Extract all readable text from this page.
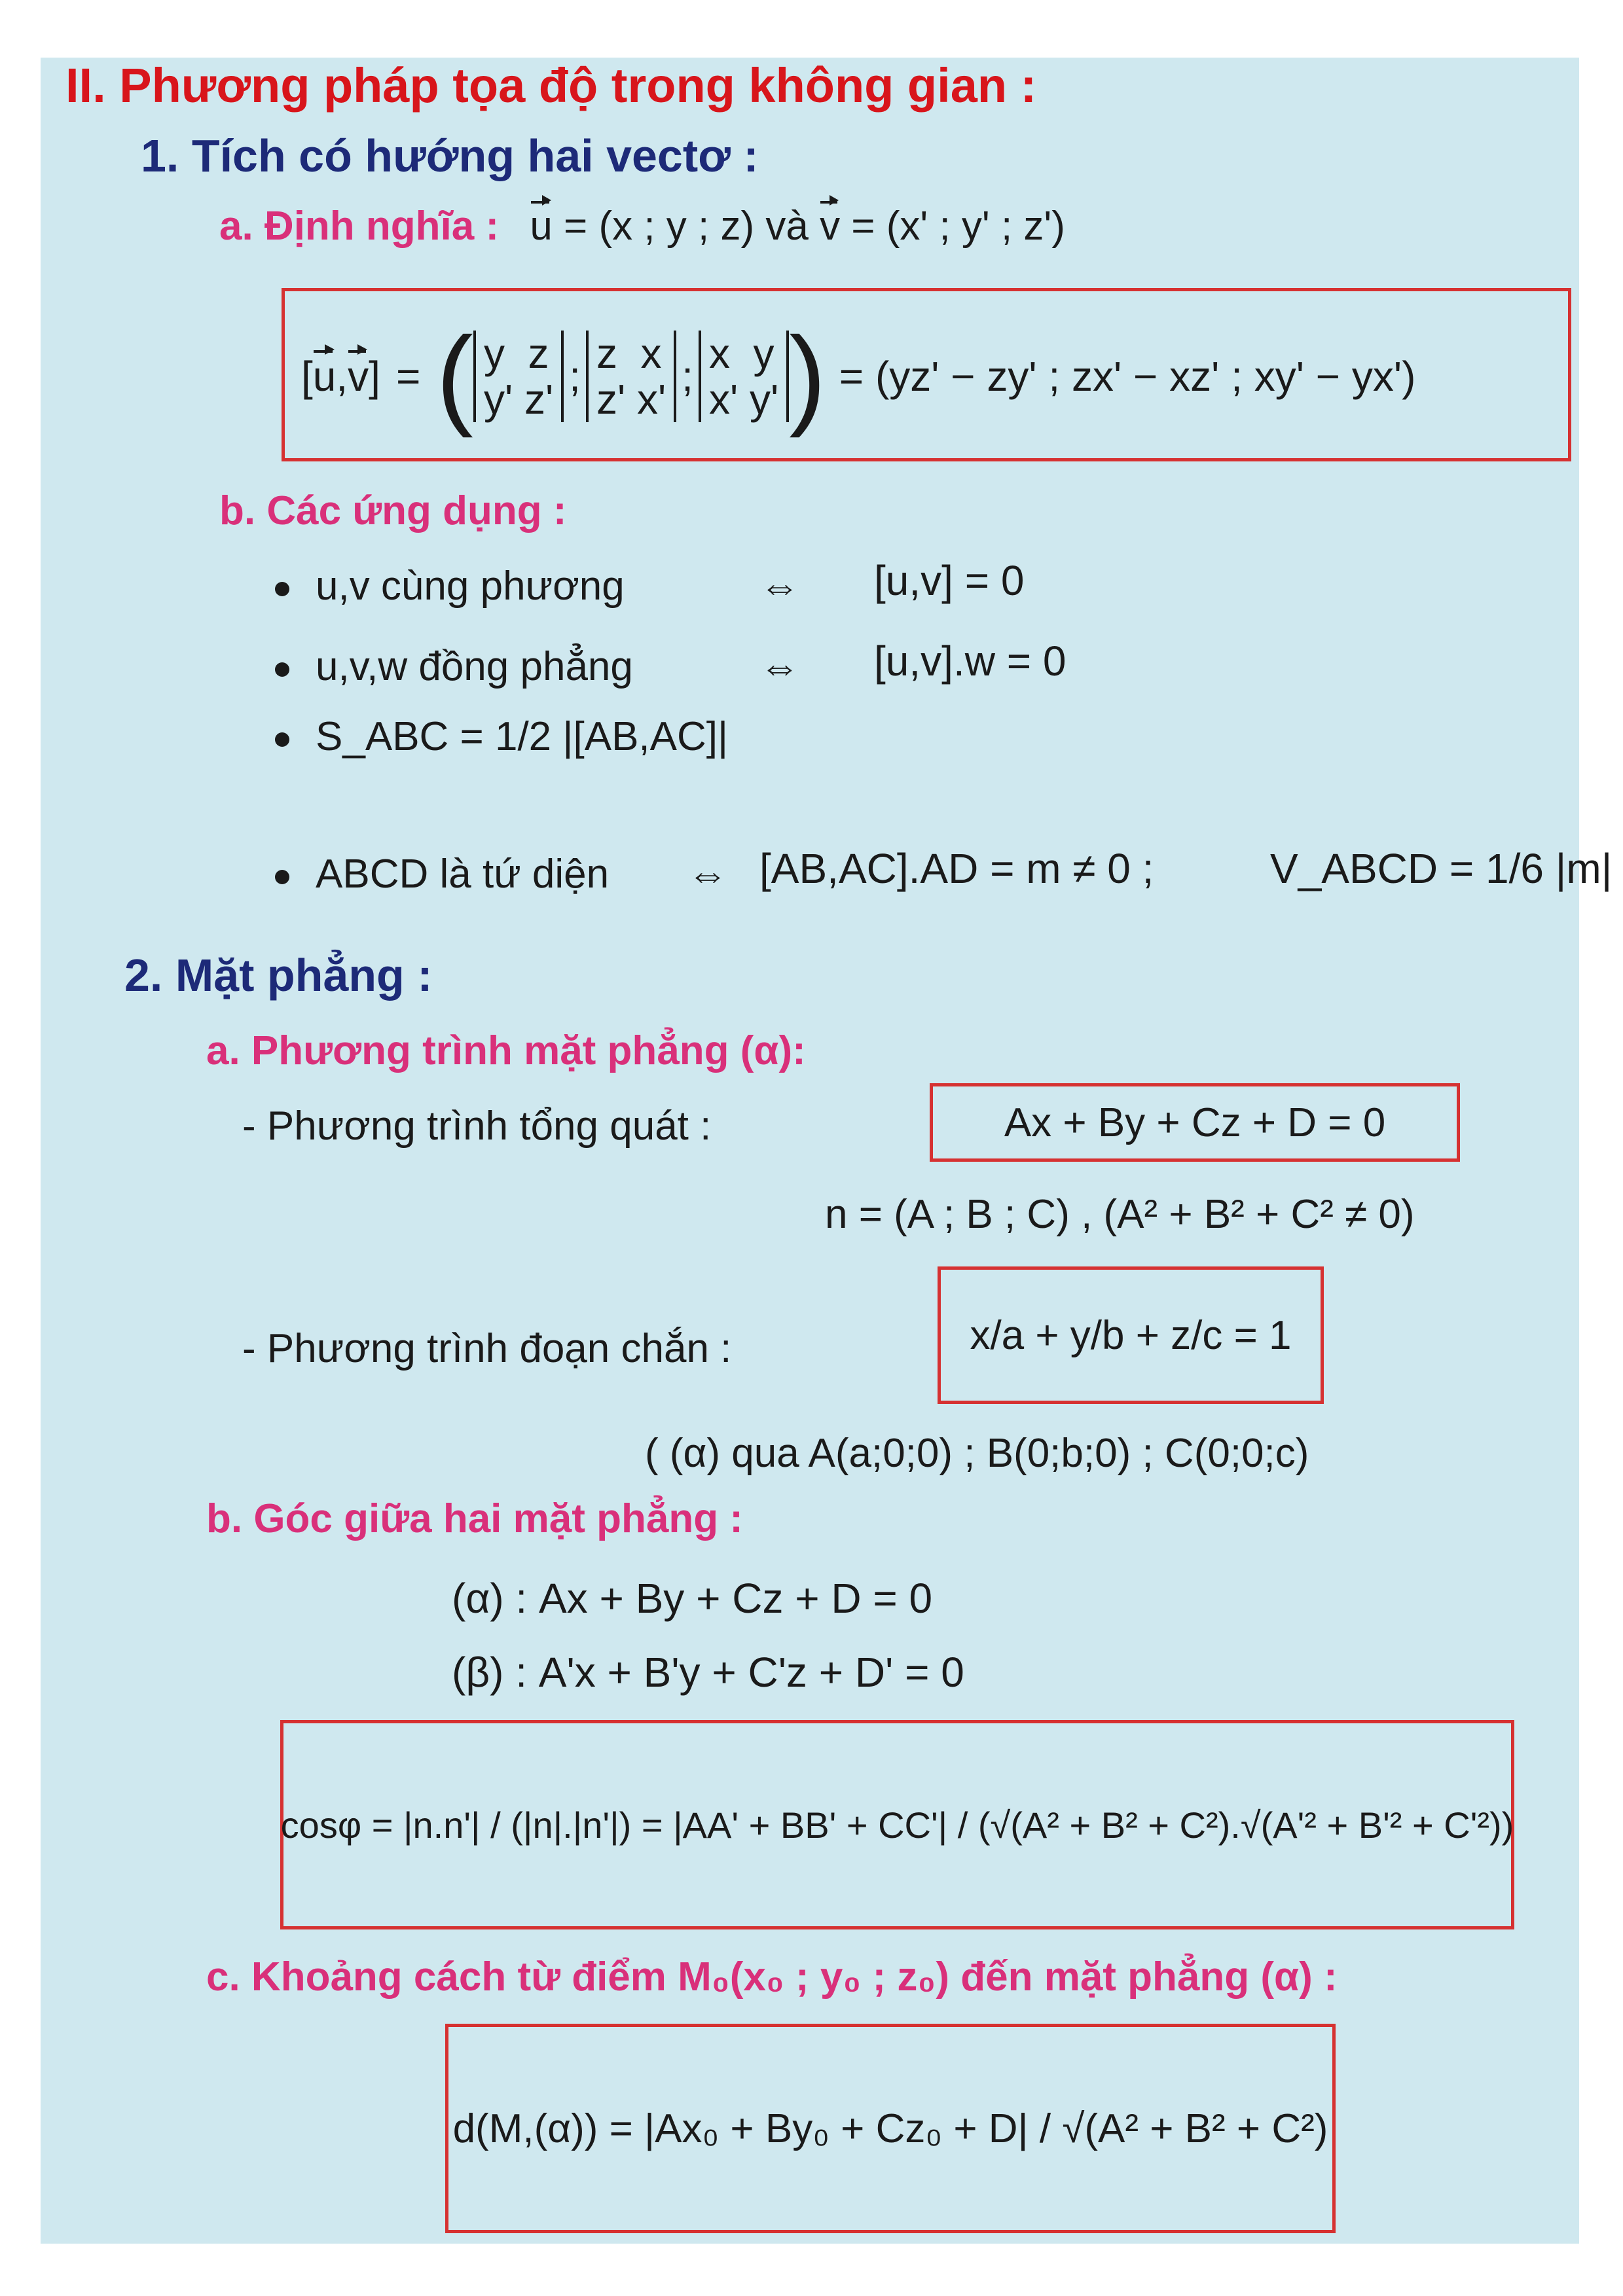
II. Phương pháp tọa độ trong không gian :
1. Tích có hướng hai vectơ :
a. Định nghĩa : u = (x ; y ; z) và v = (x' ; y' ; z')
[u,v] = ( y  z
y' z' ; z  x
z' x' ; x  y
x' y' ) = (yz' − zy' ; zx' − xz' ; xy' − yx')
b. Các ứng dụng :
u,v cùng phương	⇔ [u,v] = 0
u,v,w đồng phẳng	⇔ [u,v].w = 0
S_ABC = 1/2 |[AB,AC]|
ABCD là tứ diện ⇔ [AB,AC].AD = m ≠ 0 ;	V_ABCD = 1/6 |m|
2. Mặt phẳng :
a. Phương trình mặt phẳng (α):
- Phương trình tổng quát :	Ax + By + Cz + D = 0
n = (A ; B ; C) , (A² + B² + C² ≠ 0)
- Phương trình đoạn chắn :	x/a + y/b + z/c = 1
( (α) qua A(a;0;0) ; B(0;b;0) ; C(0;0;c)
b. Góc giữa hai mặt phẳng :
(α) : Ax + By + Cz + D = 0
(β) : A'x + B'y + C'z + D' = 0
cosφ = |n.n'| / (|n|.|n'|) = |AA' + BB' + CC'| / (√(A² + B² + C²).√(A'² + B'² + C'²))
c. Khoảng cách từ điểm M₀(x₀ ; y₀ ; z₀) đến mặt phẳng (α) :
d(M,(α)) = |Ax₀ + By₀ + Cz₀ + D| / √(A² + B² + C²)
